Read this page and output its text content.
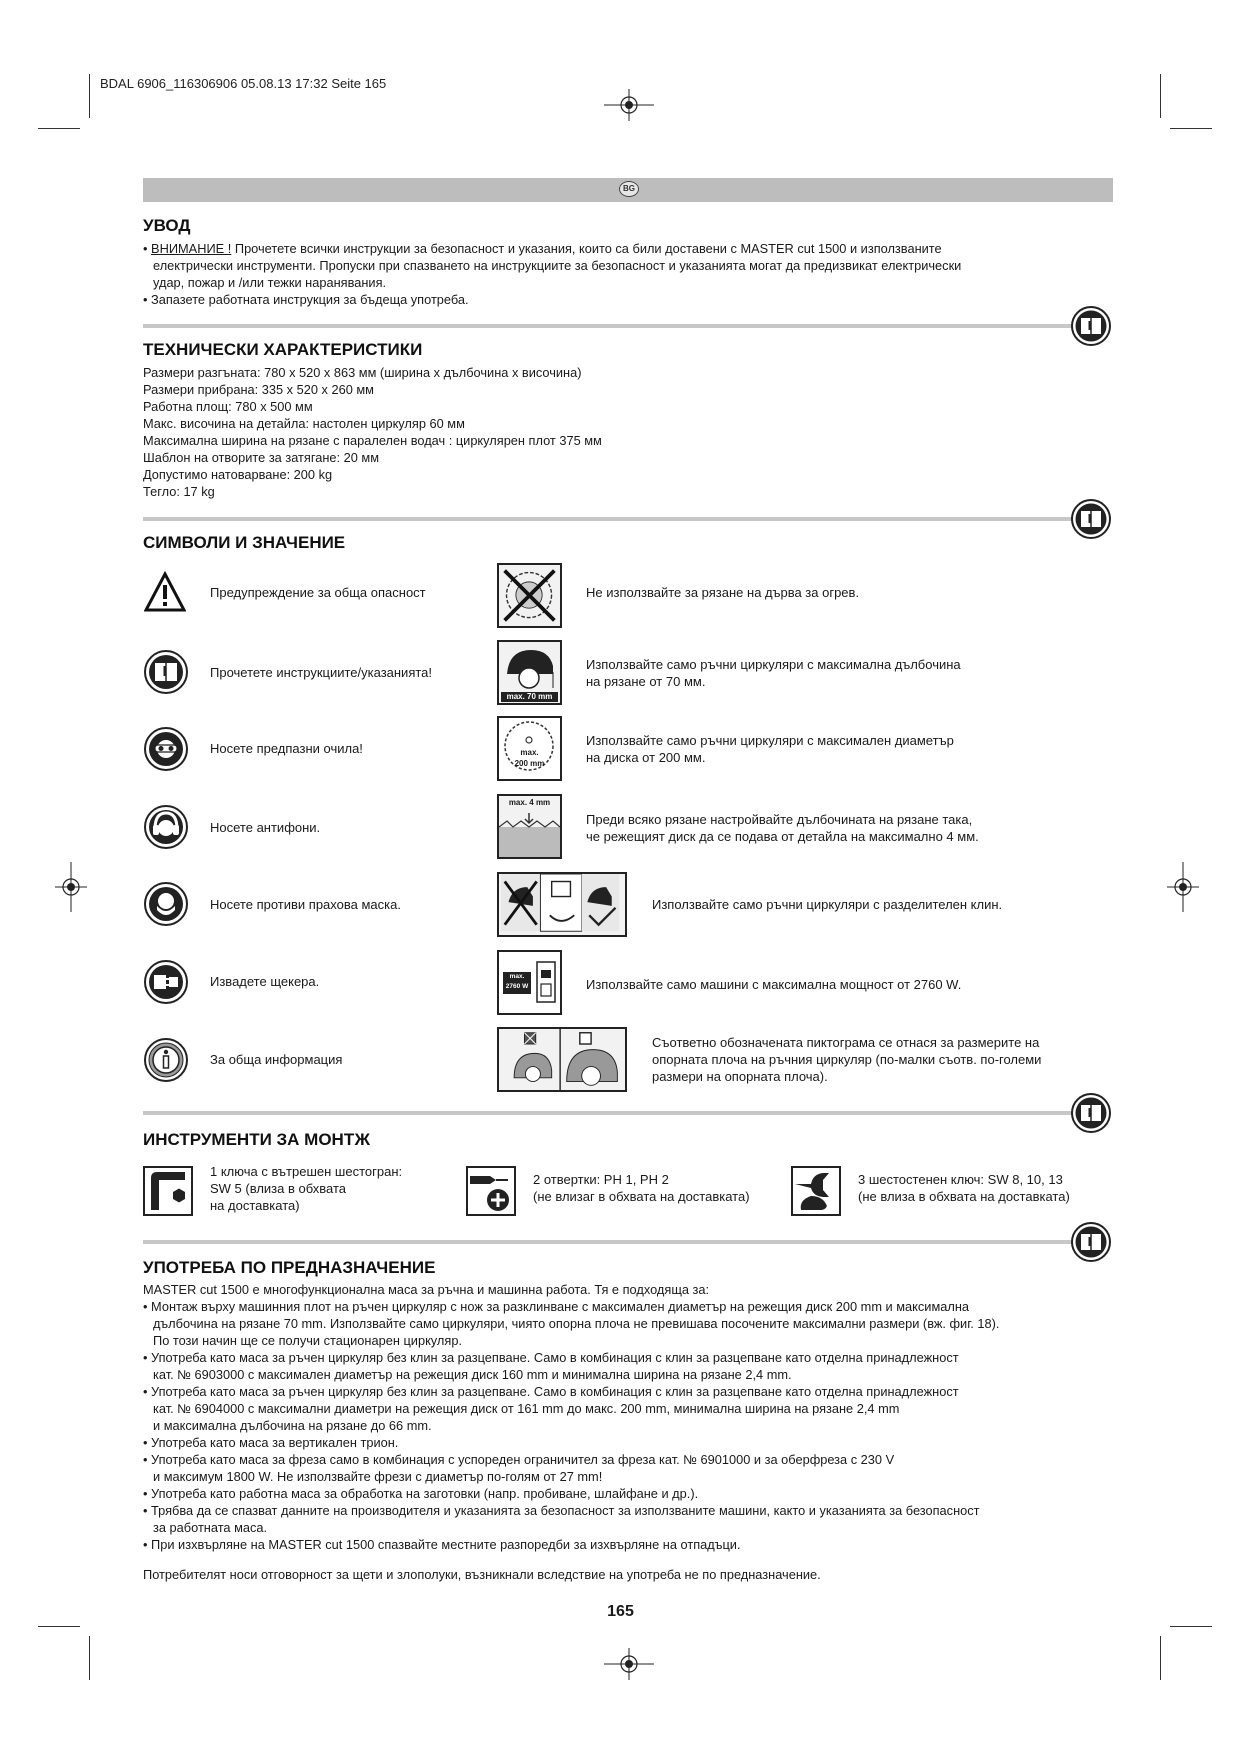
BDAL 6906_116306906 05.08.13 17:32 Seite 165
BG
УВОД
• ВНИМАНИЕ ! Прочетете всички инструкции за безопасност и указания, които са били доставени с MASTER cut 1500 и използваните
електрически инструменти. Пропуски при спазването на инструкциите за безопасност и указанията могат да предизвикат електрически
удар, пожар и /или тежки наранявания.
• Запазете работната инструкция за бъдеща употреба.
ТЕХНИЧЕСКИ ХАРАКТЕРИСТИКИ
Размери разгъната: 780 x 520 x 863 мм (ширина x дълбочина x височина)
Размери прибрана: 335 x 520 x 260 мм
Работна площ: 780 x 500 мм
Макс. височина на детайла: настолен циркуляр 60 мм
Максимална ширина на рязане с паралелен водач : циркулярен плот 375 мм
Шаблон на отворите за затягане: 20 мм
Допустимо натоварване: 200 kg
Тегло: 17 kg
СИМВОЛИ И ЗНАЧЕНИЕ
Предупреждение за обща опасност
Прочетете инструкциите/указанията!
Носете предпазни очила!
Носете антифони.
Носете противи прахова маска.
Извадете щекера.
За обща информация
Не използвайте за рязане на дърва за огрев.
max. 70 mm
Използвайте само ръчни циркуляри с максимална дълбочина
на рязане от 70 мм.
max.
200 mm
Използвайте само ръчни циркуляри с максимален диаметър
на диска от 200 мм.
max. 4 mm
Преди всяко рязане настройвайте дълбочината на рязане така,
че режещият диск да се подава от детайла на максимално 4 мм.
Използвайте само ръчни циркуляри с разделителен клин.
max.
2760 W	Използвайте само машини с максимална мощност от 2760 W.
Съответно обозначената пиктограма се отнася за размерите на
опорната плоча на ръчния циркуляр (по-малки съотв. по-големи
размери на опорната плоча).
ИНСТРУМЕНТИ ЗА МОНТЖ
1 ключа с вътрешен шестогран:
SW 5 (влиза в обхвата
на доставката)
2 отвертки: PH 1, PH 2
(не влизаг в обхвата на доставката)
3 шестостенен ключ: SW 8, 10, 13
(не влиза в обхвата на доставката)
УПОТРЕБА ПО ПРЕДНАЗНАЧЕНИЕ
MASTER cut 1500 е многофункционална маса за ръчна и машинна работа. Тя е подходяща за:
• Монтаж върху машинния плот на ръчен циркуляр с нож за разклинване с максимален диаметър на режещия диск 200 mm и максимална
дълбочина на рязане 70 mm. Използвайте само циркуляри, чиято опорна плоча не превишава посочените максимални размери (вж. фиг. 18).
По този начин ще се получи стационарен циркуляр.
• Употреба като маса за ръчен циркуляр без клин за разцепване. Само в комбинация с клин за разцепване като отделна принадлежност
кат. № 6903000 с максимален диаметър на режещия диск 160 mm и минимална ширина на рязане 2,4 mm.
• Употреба като маса за ръчен циркуляр без клин за разцепване. Само в комбинация с клин за разцепване като отделна принадлежност
кат. № 6904000 с максимални диаметри на режещия диск от 161 mm до макс. 200 mm, минимална ширина на рязане 2,4 mm
и максимална дълбочина на рязане до 66 mm.
• Употреба като маса за вертикален трион.
• Употреба като маса за фреза само в комбинация с успореден ограничител за фреза кат. № 6901000 и за оберфреза с 230 V
и максимум 1800 W. Не използвайте фрези с диаметър по-голям от 27 mm!
• Употреба като работна маса за обработка на заготовки (напр. пробиване, шлайфане и др.).
• Трябва да се спазват данните на производителя и указанията за безопасност за използваните машини, както и указанията за безопасност
за работната маса.
• При изхвърляне на MASTER cut 1500 спазвайте местните разпоредби за изхвърляне на отпадъци.
Потребителят носи отговорност за щети и злополуки, възникнали вследствие на употреба не по предназначение.
165
